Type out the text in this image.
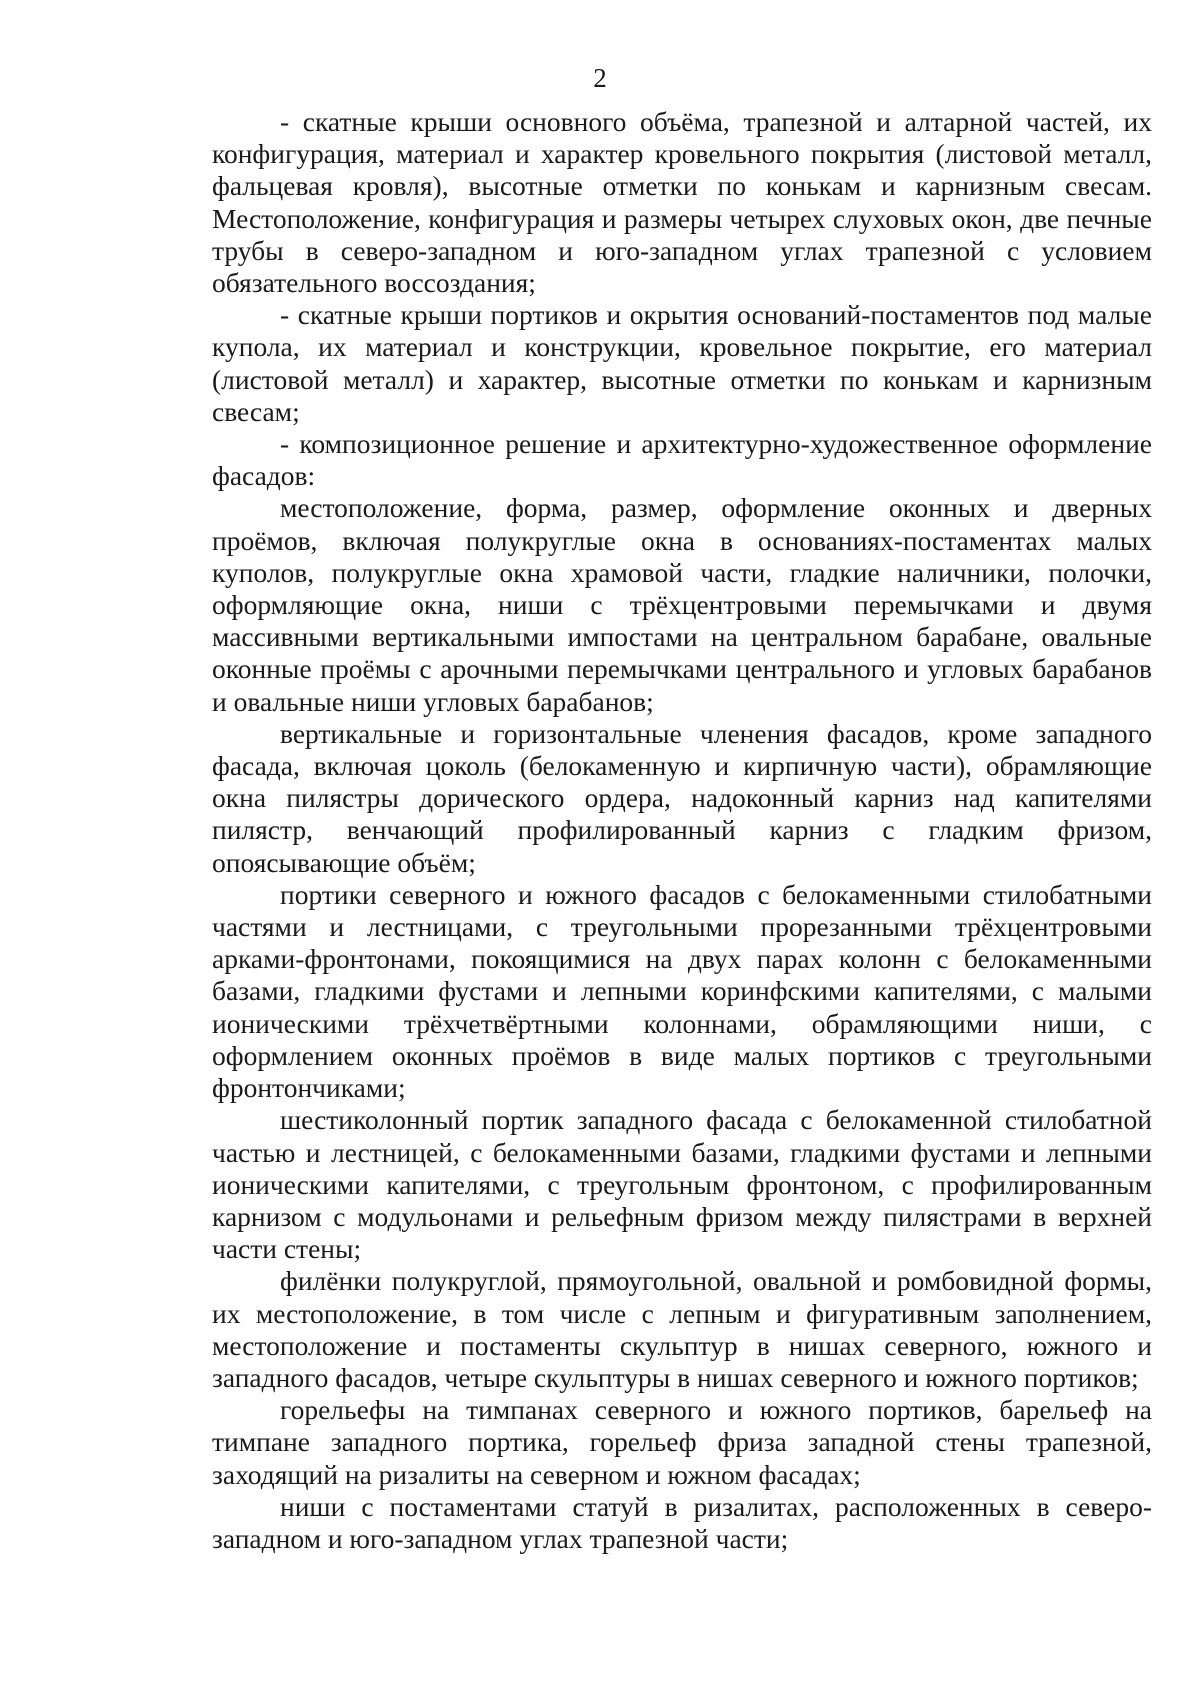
2

- скатные крыши основного объёма, трапезной и алтарной частей, их конфигурация, материал и характер кровельного покрытия (листовой металл, фальцевая кровля), высотные отметки по конькам и карнизным свесам. Местоположение, конфигурация и размеры четырех слуховых окон, две печные трубы в северо-западном и юго-западном углах трапезной с условием обязательного воссоздания;

- скатные крыши портиков и окрытия оснований-постаментов под малые купола, их материал и конструкции, кровельное покрытие, его материал (листовой металл) и характер, высотные отметки по конькам и карнизным свесам;

- композиционное решение и архитектурно-художественное оформление фасадов:

местоположение, форма, размер, оформление оконных и дверных проёмов, включая полукруглые окна в основаниях-постаментах малых куполов, полукруглые окна храмовой части, гладкие наличники, полочки, оформляющие окна, ниши с трёхцентровыми перемычками и двумя массивными вертикальными импостами на центральном барабане, овальные оконные проёмы с арочными перемычками центрального и угловых барабанов и овальные ниши угловых барабанов;

вертикальные и горизонтальные членения фасадов, кроме западного фасада, включая цоколь (белокаменную и кирпичную части), обрамляющие окна пилястры дорического ордера, надоконный карниз над капителями пилястр, венчающий профилированный карниз с гладким фризом, опоясывающие объём;

портики северного и южного фасадов с белокаменными стилобатными частями и лестницами, с треугольными прорезанными трёхцентровыми арками-фронтонами, покоящимися на двух парах колонн с белокаменными базами, гладкими фустами и лепными коринфскими капителями, с малыми ионическими трёхчетвёртными колоннами, обрамляющими ниши, с оформлением оконных проёмов в виде малых портиков с треугольными фронтончиками;

шестиколонный портик западного фасада с белокаменной стилобатной частью и лестницей, с белокаменными базами, гладкими фустами и лепными ионическими капителями, с треугольным фронтоном, с профилированным карнизом с модульонами и рельефным фризом между пилястрами в верхней части стены;

филёнки полукруглой, прямоугольной, овальной и ромбовидной формы, их местоположение, в том числе с лепным и фигуративным заполнением, местоположение и постаменты скульптур в нишах северного, южного и западного фасадов, четыре скульптуры в нишах северного и южного портиков;

горельефы на тимпанах северного и южного портиков, барельеф на тимпане западного портика, горельеф фриза западной стены трапезной, заходящий на ризалиты на северном и южном фасадах;

ниши с постаментами статуй в ризалитах, расположенных в северо-западном и юго-западном углах трапезной части;
